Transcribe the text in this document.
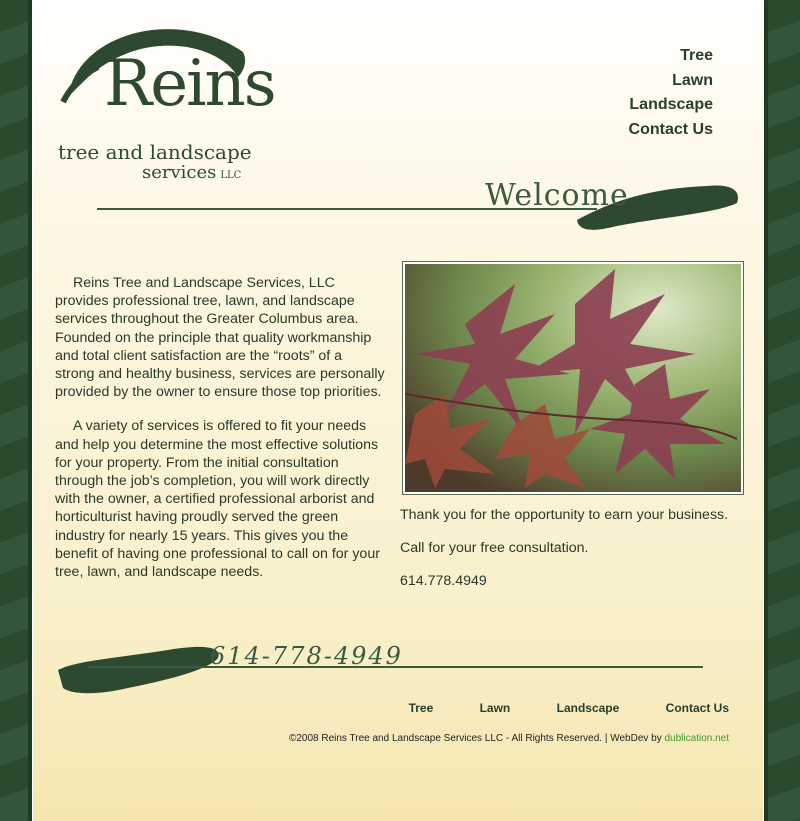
Reins
tree and landscape
services LLC
Tree
Lawn
Landscape
Contact Us
Welcome

Reins Tree and Landscape Services, LLC provides professional tree, lawn, and landscape services throughout the Greater Columbus area. Founded on the principle that quality workmanship and total client satisfaction are the “roots” of a strong and healthy business, services are personally provided by the owner to ensure those top priorities.

A variety of services is offered to fit your needs and help you determine the most effective solutions for your property. From the initial consultation through the job’s completion, you will work directly with the owner, a certified professional arborist and horticulturist having proudly served the green industry for nearly 15 years. This gives you the benefit of having one professional to call on for your tree, lawn, and landscape needs.

Thank you for the opportunity to earn your business.

Call for your free consultation.

614.778.4949

614-778-4949
Tree	Lawn	Landscape	Contact Us
©2008 Reins Tree and Landscape Services LLC - All Rights Reserved. | WebDev by dublication.net
